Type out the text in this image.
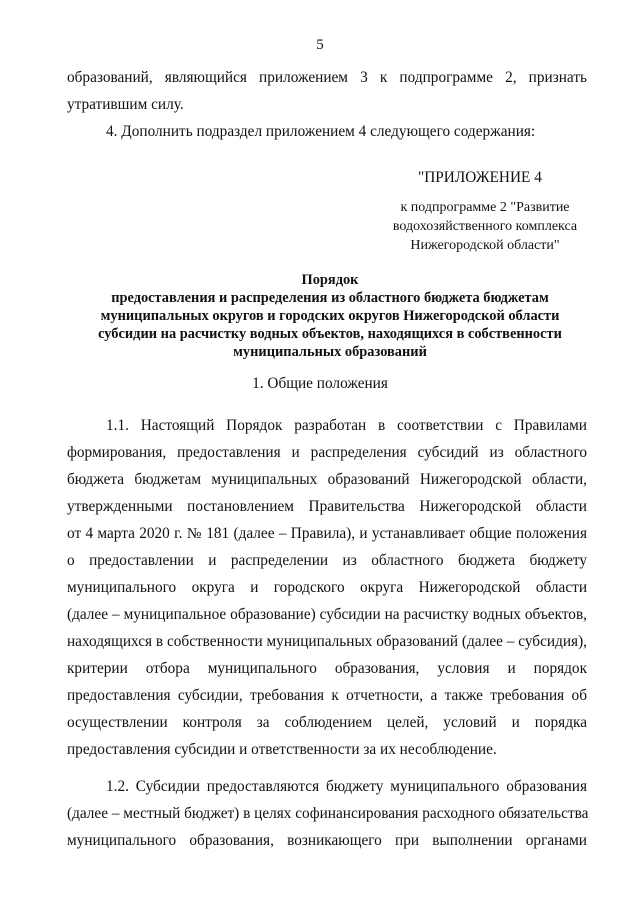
5
образований, являющийся приложением 3 к подпрограмме 2, признать
утратившим силу.
4. Дополнить подраздел приложением 4 следующего содержания:
"ПРИЛОЖЕНИЕ 4
к подпрограмме 2 "Развитие
водохозяйственного комплекса
Нижегородской области"
Порядок
предоставления и распределения из областного бюджета бюджетам
муниципальных округов и городских округов Нижегородской области
субсидии на расчистку водных объектов, находящихся в собственности
муниципальных образований
1. Общие положения
1.1. Настоящий Порядок разработан в соответствии с Правилами
формирования, предоставления и распределения субсидий из областного
бюджета бюджетам муниципальных образований Нижегородской области,
утвержденными постановлением Правительства Нижегородской области
от 4 марта 2020 г. № 181 (далее – Правила), и устанавливает общие положения
о предоставлении и распределении из областного бюджета бюджету
муниципального округа и городского округа Нижегородской области
(далее – муниципальное образование) субсидии на расчистку водных объектов,
находящихся в собственности муниципальных образований (далее – субсидия),
критерии отбора муниципального образования, условия и порядок
предоставления субсидии, требования к отчетности, а также требования об
осуществлении контроля за соблюдением целей, условий и порядка
предоставления субсидии и ответственности за их несоблюдение.
1.2. Субсидии предоставляются бюджету муниципального образования
(далее – местный бюджет) в целях софинансирования расходного обязательства
муниципального образования, возникающего при выполнении органами
